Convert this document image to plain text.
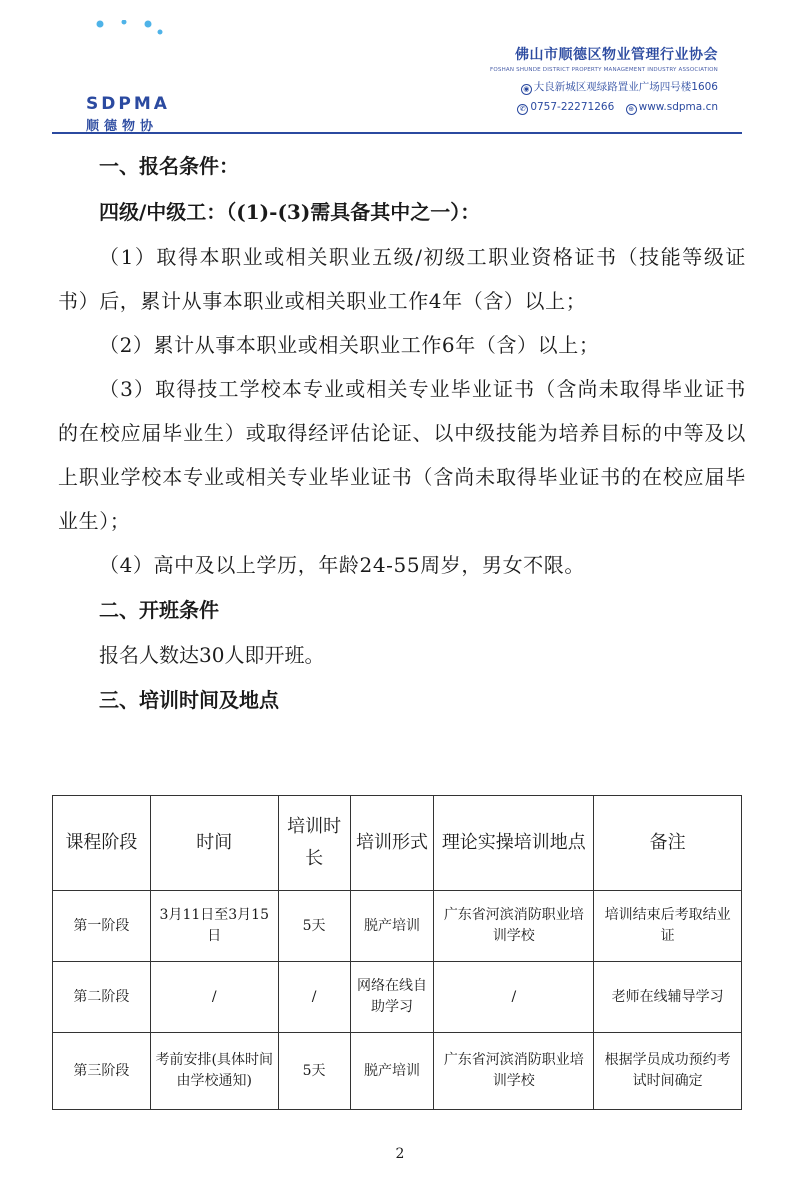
SDPMA
顺德物协
佛山市顺德区物业管理行业协会
FOSHAN SHUNDE DISTRICT PROPERTY MANAGEMENT INDUSTRY ASSOCIATION
◉ 大良新城区观绿路置业广场四号楼1606
✆ 0757-22271266 ⊕ www.sdpma.cn

一、报名条件：

四级/中级工：（(1)-(3)需具备其中之一）：

（1）取得本职业或相关职业五级/初级工职业资格证书（技能等级证书）后，累计从事本职业或相关职业工作4年（含）以上；

（2）累计从事本职业或相关职业工作6年（含）以上；

（3）取得技工学校本专业或相关专业毕业证书（含尚未取得毕业证书的在校应届毕业生）或取得经评估论证、以中级技能为培养目标的中等及以上职业学校本专业或相关专业毕业证书（含尚未取得毕业证书的在校应届毕业生）；

（4）高中及以上学历，年龄24-55周岁，男女不限。

二、开班条件

报名人数达30人即开班。

三、培训时间及地点

课程阶段	时间	培训时长	培训形式	理论实操培训地点	备注
第一阶段	3月11日至3月15日	5天	脱产培训	广东省河滨消防职业培训学校	培训结束后考取结业证
第二阶段	/	/	网络在线自助学习	/	老师在线辅导学习
第三阶段	考前安排(具体时间由学校通知)	5天	脱产培训	广东省河滨消防职业培训学校	根据学员成功预约考试时间确定
2
